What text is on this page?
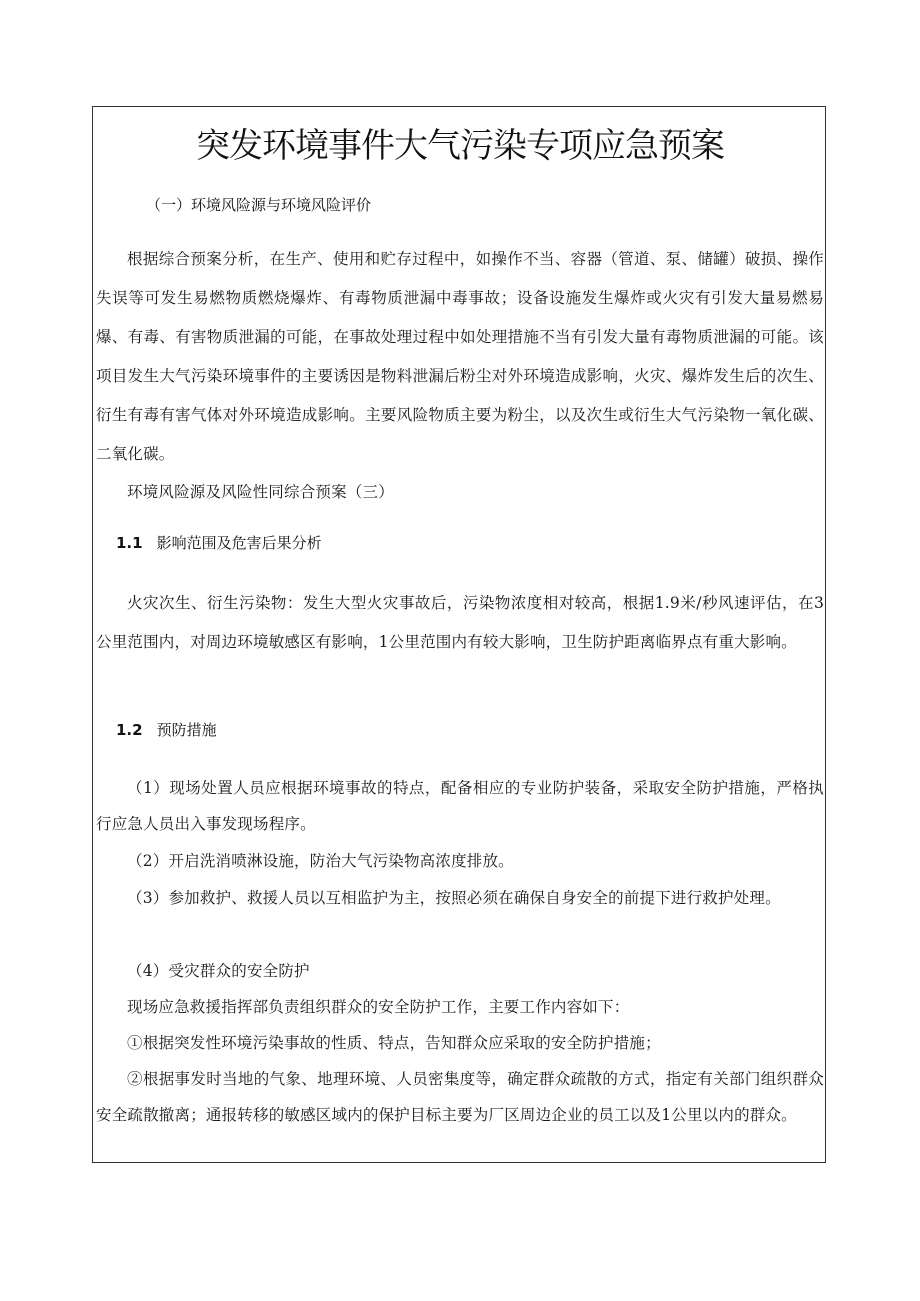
突发环境事件大气污染专项应急预案
（一）环境风险源与环境风险评价

根据综合预案分析，在生产、使用和贮存过程中，如操作不当、容器（管道、泵、储罐）破损、操作失误等可发生易燃物质燃烧爆炸、有毒物质泄漏中毒事故；设备设施发生爆炸或火灾有引发大量易燃易爆、有毒、有害物质泄漏的可能，在事故处理过程中如处理措施不当有引发大量有毒物质泄漏的可能。该项目发生大气污染环境事件的主要诱因是物料泄漏后粉尘对外环境造成影响，火灾、爆炸发生后的次生、衍生有毒有害气体对外环境造成影响。主要风险物质主要为粉尘，以及次生或衍生大气污染物一氧化碳、二氧化碳。

环境风险源及风险性同综合预案（三）

1.1 影响范围及危害后果分析

火灾次生、衍生污染物：发生大型火灾事故后，污染物浓度相对较高，根据1.9米/秒风速评估，在3公里范围内，对周边环境敏感区有影响，1公里范围内有较大影响，卫生防护距离临界点有重大影响。

1.2 预防措施

（1）现场处置人员应根据环境事故的特点，配备相应的专业防护装备，采取安全防护措施，严格执行应急人员出入事发现场程序。

（2）开启洗消喷淋设施，防治大气污染物高浓度排放。

（3）参加救护、救援人员以互相监护为主，按照必须在确保自身安全的前提下进行救护处理。

（4）受灾群众的安全防护

现场应急救援指挥部负责组织群众的安全防护工作，主要工作内容如下：

①根据突发性环境污染事故的性质、特点，告知群众应采取的安全防护措施；

②根据事发时当地的气象、地理环境、人员密集度等，确定群众疏散的方式，指定有关部门组织群众安全疏散撤离；通报转移的敏感区域内的保护目标主要为厂区周边企业的员工以及1公里以内的群众。
